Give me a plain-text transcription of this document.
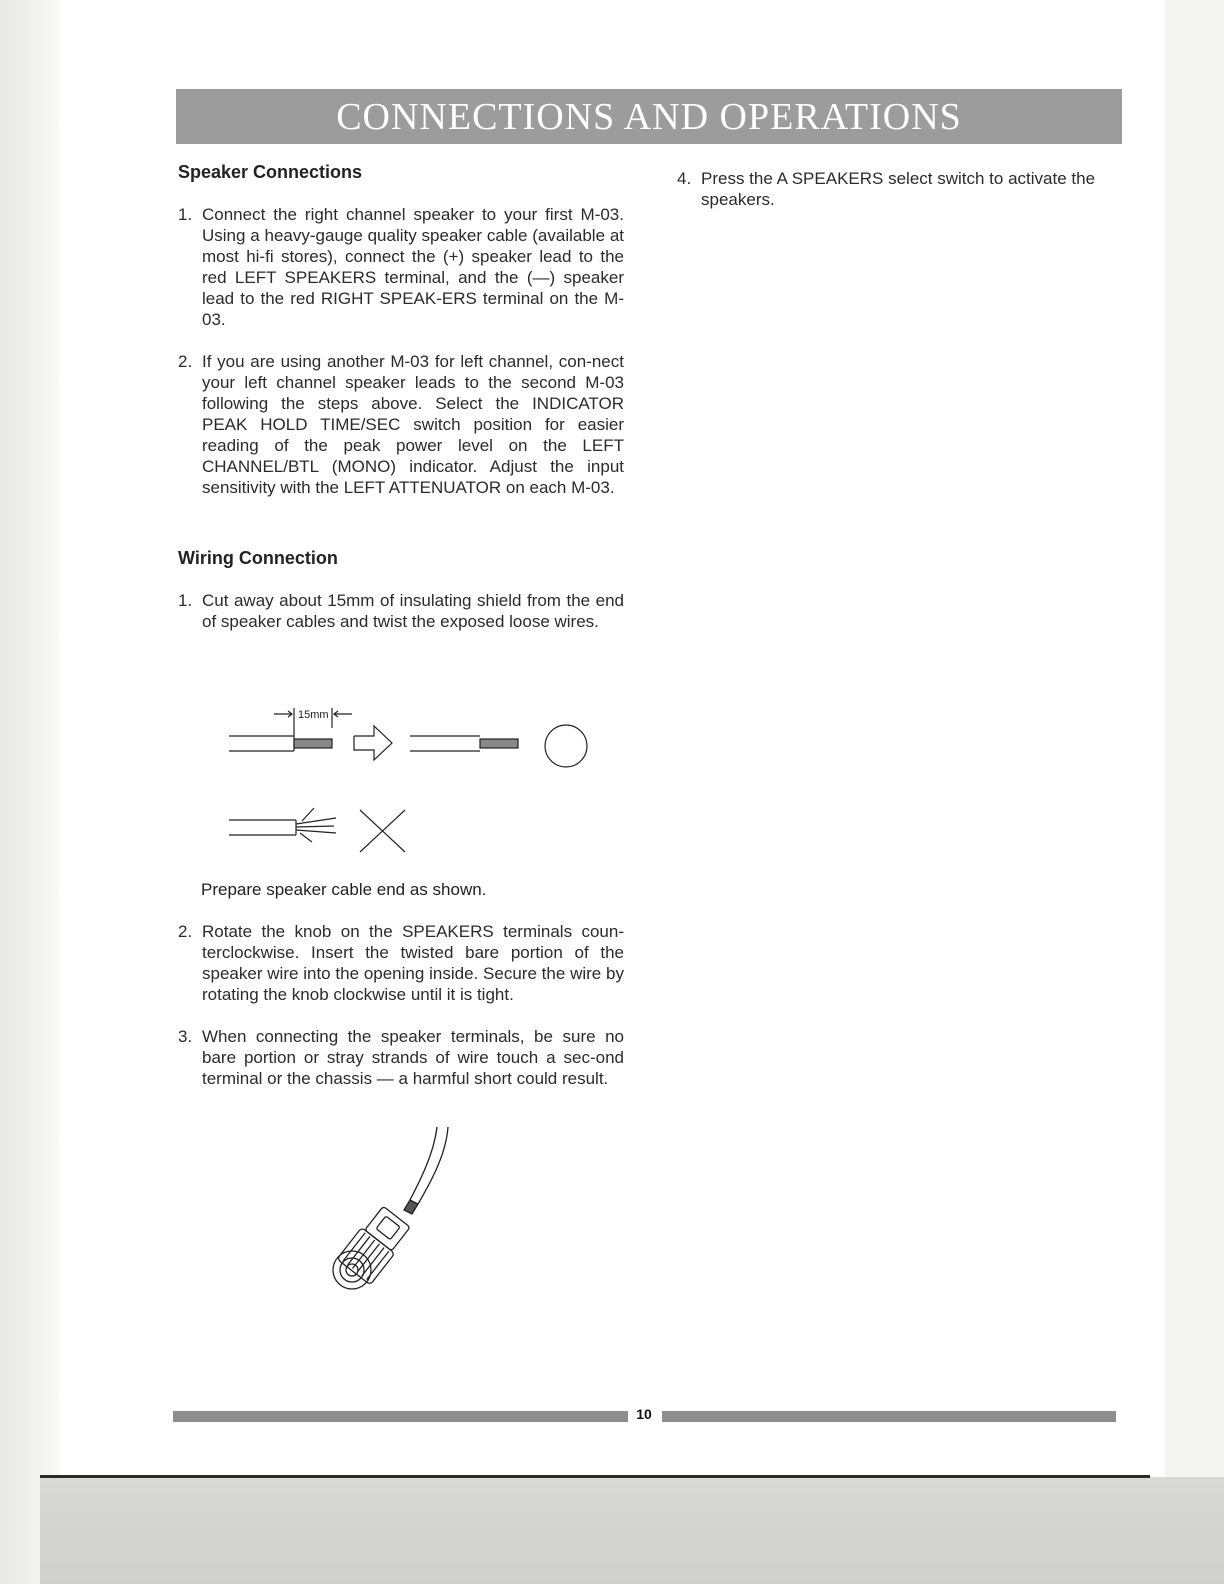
CONNECTIONS AND OPERATIONS
Speaker Connections
1. Connect the right channel speaker to your first M-03. Using a heavy-gauge quality speaker cable (available at most hi-fi stores), connect the (+) speaker lead to the red LEFT SPEAKERS terminal, and the (—) speaker lead to the red RIGHT SPEAK-ERS terminal on the M-03.
2. If you are using another M-03 for left channel, con-nect your left channel speaker leads to the second M-03 following the steps above. Select the INDICATOR PEAK HOLD TIME/SEC switch position for easier reading of the peak power level on the LEFT CHANNEL/BTL (MONO) indicator. Adjust the input sensitivity with the LEFT ATTENUATOR on each M-03.
Wiring Connection
1. Cut away about 15mm of insulating shield from the end of speaker cables and twist the exposed loose wires.
15mm
Prepare speaker cable end as shown.
2. Rotate the knob on the SPEAKERS terminals coun-terclockwise. Insert the twisted bare portion of the speaker wire into the opening inside. Secure the wire by rotating the knob clockwise until it is tight.
3. When connecting the speaker terminals, be sure no bare portion or stray strands of wire touch a sec-ond terminal or the chassis — a harmful short could result.
4. Press the A SPEAKERS select switch to activate the speakers.
10
